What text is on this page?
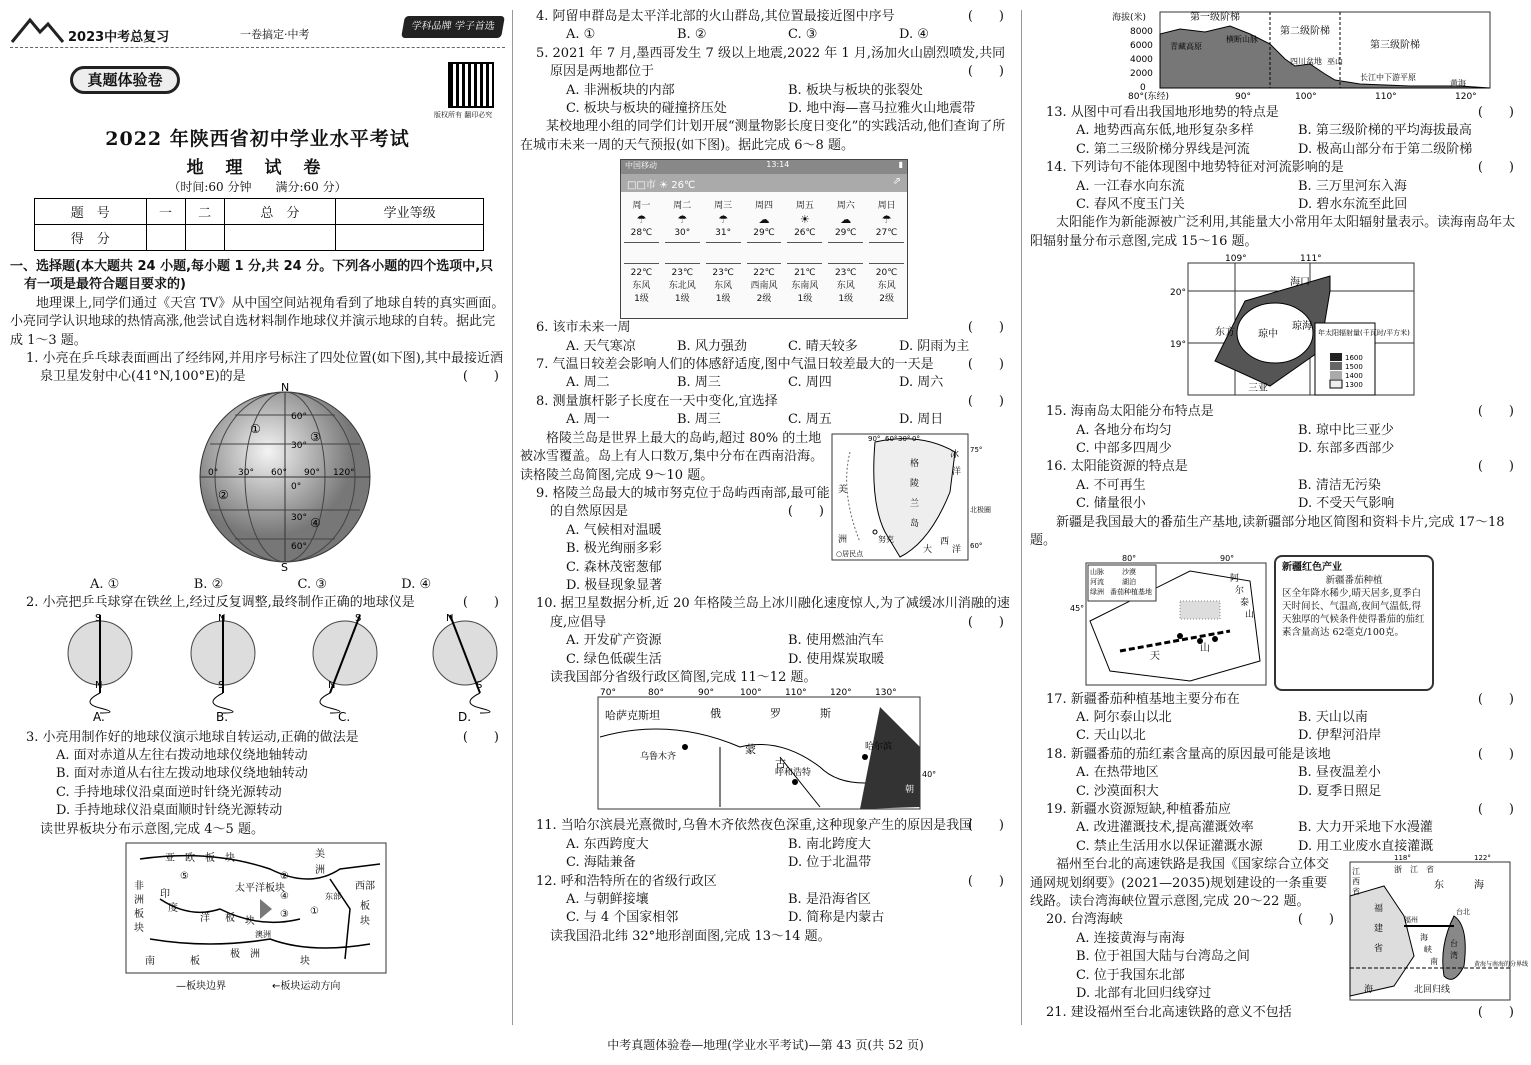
2023中考总复习	一卷搞定·中考
学科品牌 学子首选
真题体验卷
版权所有 翻印必究
2022 年陕西省初中学业水平考试
地 理 试 卷
（时间:60 分钟　　满分:60 分）
题　号	一	二	总　分	学业等级
得　分				
一、选择题(本大题共 24 小题,每小题 1 分,共 24 分。下列各小题的四个选项中,只有一项是最符合题目要求的)
地理课上,同学们通过《天宫 TV》从中国空间站视角看到了地球自转的真实画面。小亮同学认识地球的热情高涨,他尝试自选材料制作地球仪并演示地球的自转。据此完成 1～3 题。
1. 小亮在乒乓球表面画出了经纬网,并用序号标注了四处位置(如下图),其中最接近酒泉卫星发射中心(41°N,100°E)的是	(　　)
N
S
60°
30°
0°
30°
60°
0° 30° 60° 90° 120°
①
②
③
④
A. ①	B. ②	C. ③	D. ④
2. 小亮把乒乓球穿在铁丝上,经过反复调整,最终制作正确的地球仪是	(　　)
S
N
A.
N
S
B.
S
N
C.
N
S
D.
3. 小亮用制作好的地球仪演示地球自转运动,正确的做法是	(　　)
A. 面对赤道从左往右拨动地球仪绕地轴转动
B. 面对赤道从右往左拨动地球仪绕地轴转动
C. 手持地球仪沿桌面逆时针绕光源转动
D. 手持地球仪沿桌面顺时针绕光源转动
读世界板块分布示意图,完成 4～5 题。
亚　欧　板　块	美
洲
非
洲
板
块
印
度
洋 板 块
太平洋板块
南	板	块
极 洲
⑤	②
①
③
④
西部
板
块
东部
澳洲
—板块边界	←板块运动方向
4. 阿留申群岛是太平洋北部的火山群岛,其位置最接近图中序号	(　　)
A. ①	B. ②	C. ③	D. ④
5. 2021 年 7 月,墨西哥发生 7 级以上地震,2022 年 1 月,汤加火山剧烈喷发,共同原因是两地都位于	(　　)
A. 非洲板块的内部	B. 板块与板块的张裂处
C. 板块与板块的碰撞挤压处	D. 地中海—喜马拉雅火山地震带
某校地理小组的同学们计划开展“测量物影长度日变化”的实践活动,他们查询了所在城市未来一周的天气预报(如下图)。据此完成 6～8 题。
中国移动	13:14	▮
□□市 ☀ 26℃	⇗
周一
☂
28℃
22℃
东风
1级
周二
☂
30°
23℃
东北风
1级
周三
☂
31°
23℃
东风
1级
周四
☁
29℃
22℃
西南风
2级
周五
☀
26℃
21℃
东南风
1级
周六
☁
29℃
23℃
东风
1级
周日
☂
27℃
20℃
东风
2级
6. 该市未来一周	(　　)
A. 天气寒凉	B. 风力强劲	C. 晴天较多	D. 阴雨为主
7. 气温日较差会影响人们的体感舒适度,图中气温日较差最大的一天是	(　　)
A. 周二	B. 周三	C. 周四	D. 周六
8. 测量旗杆影子长度在一天中变化,宜选择	(　　)
A. 周一	B. 周三	C. 周五	D. 周日
格陵兰岛是世界上最大的岛屿,超过 80% 的土地被冰雪覆盖。岛上有人口数万,集中分布在西南沿海。读格陵兰岛简图,完成 9～10 题。
9. 格陵兰岛最大的城市努克位于岛屿西南部,最可能的自然原因是	(　　)
A. 气候相对温暖
B. 极光绚丽多彩
C. 森林茂密葱郁
D. 极昼现象显著
90° 60° 30° 0°
75°
格
陵
兰
岛
冰
洋
大
西
洋
美
洲	努克
北极圈
60°
○居民点
10. 据卫星数据分析,近 20 年格陵兰岛上冰川融化速度惊人,为了减缓冰川消融的速度,应倡导	(　　)
A. 开发矿产资源	B. 使用燃油汽车
C. 绿色低碳生活	D. 使用煤炭取暖
读我国部分省级行政区简图,完成 11～12 题。
70°	80°	90°	100°	110°	120°	130°
哈萨克斯坦	俄	罗	斯
蒙
古
乌鲁木齐
呼和浩特
哈尔滨
朝
40°
11. 当哈尔滨晨光熹微时,乌鲁木齐依然夜色深重,这种现象产生的原因是我国
(　　)
A. 东西跨度大	B. 南北跨度大
C. 海陆兼备	D. 位于北温带
12. 呼和浩特所在的省级行政区	(　　)
A. 与朝鲜接壤	B. 是沿海省区
C. 与 4 个国家相邻	D. 简称是内蒙古
读我国沿北纬 32°地形剖面图,完成 13～14 题。
海拔(米)
8000
6000
4000
2000
0
80°(东经)	90°	100°	110°	120°
第一级阶梯
第二级阶梯
第三级阶梯
青藏高原
横断山脉
四川盆地 巫山
长江中下游平原
黄海
13. 从图中可看出我国地形地势的特点是	(　　)
A. 地势西高东低,地形复杂多样	B. 第三级阶梯的平均海拔最高
C. 第二三级阶梯分界线是河流	D. 极高山部分布于第二级阶梯
14. 下列诗句不能体现图中地势特征对河流影响的是	(　　)
A. 一江春水向东流	B. 三万里河东入海
C. 春风不度玉门关	D. 碧水东流至此回
太阳能作为新能源被广泛利用,其能量大小常用年太阳辐射量表示。读海南岛年太阳辐射量分布示意图,完成 15～16 题。
109°	111°
20°
19°
海口
东方 琼中
琼海
三亚
年太阳辐射量(千瓦时/平方米)
1600
1500
1400
1300
15. 海南岛太阳能分布特点是	(　　)
A. 各地分布均匀	B. 琼中比三亚少
C. 中部多四周少	D. 东部多西部少
16. 太阳能资源的特点是	(　　)
A. 不可再生	B. 清洁无污染
C. 储量很小	D. 不受天气影响
新疆是我国最大的番茄生产基地,读新疆部分地区简图和资料卡片,完成 17～18 题。
80°	90°
45°
阿
尔
泰
山
天
山
山脉	沙漠
河流	湖泊
绿洲 番茄种植基地
新疆红色产业
新疆番茄种植
区全年降水稀少,晴天居多,夏季白天时间长、气温高,夜间气温低,得天独厚的气候条件使得番茄的茄红素含量高达 62毫克/100克。
17. 新疆番茄种植基地主要分布在	(　　)
A. 阿尔泰山以北	B. 天山以南
C. 天山以北	D. 伊犁河沿岸
18. 新疆番茄的茄红素含量高的原因最可能是该地	(　　)
A. 在热带地区	B. 昼夜温差小
C. 沙漠面积大	D. 夏季日照足
19. 新疆水资源短缺,种植番茄应	(　　)
A. 改进灌溉技术,提高灌溉效率	B. 大力开采地下水漫灌
C. 禁止生活用水以保证灌溉水源	D. 用工业废水直接灌溉
福州至台北的高速铁路是我国《国家综合立体交通网规划纲要》(2021—2035)规划建设的一条重要线路。读台湾海峡位置示意图,完成 20～22 题。
20. 台湾海峡	(　　)
A. 连接黄海与南海
B. 位于祖国大陆与台湾岛之间
C. 位于我国东北部
D. 北部有北回归线穿过
118°	122°
江
西
省
浙　江　省
东	海
福
建
省
福州
台北
台
湾
海
峡
南
海	北回归线
黄海与南海的分界线
21. 建设福州至台北高速铁路的意义不包括	(　　)
中考真题体验卷—地理(学业水平考试)—第 43 页(共 52 页)
